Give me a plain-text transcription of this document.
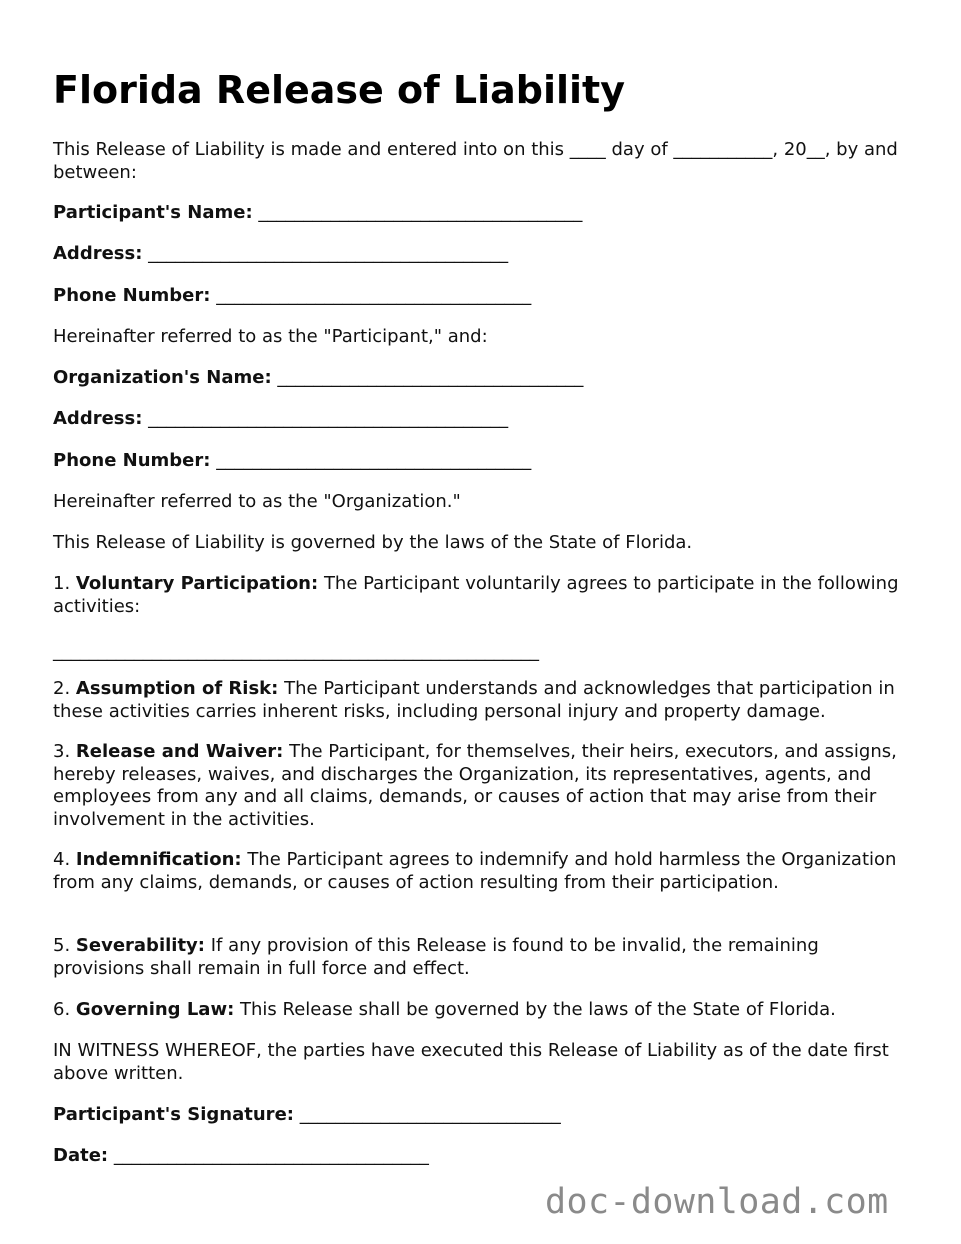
Florida Release of Liability

This Release of Liability is made and entered into on this ____ day of ___________, 20__, by and between:

Participant's Name: ____________________________________

Address: ________________________________________

Phone Number: ___________________________________

Hereinafter referred to as the "Participant," and:

Organization's Name: __________________________________

Address: ________________________________________

Phone Number: ___________________________________

Hereinafter referred to as the "Organization."

This Release of Liability is governed by the laws of the State of Florida.

1. Voluntary Participation: The Participant voluntarily agrees to participate in the following activities:

______________________________________________________

2. Assumption of Risk: The Participant understands and acknowledges that participation in these activities carries inherent risks, including personal injury and property damage.

3. Release and Waiver: The Participant, for themselves, their heirs, executors, and assigns, hereby releases, waives, and discharges the Organization, its representatives, agents, and employees from any and all claims, demands, or causes of action that may arise from their involvement in the activities.

4. Indemnification: The Participant agrees to indemnify and hold harmless the Organization from any claims, demands, or causes of action resulting from their participation.

5. Severability: If any provision of this Release is found to be invalid, the remaining provisions shall remain in full force and effect.

6. Governing Law: This Release shall be governed by the laws of the State of Florida.

IN WITNESS WHEREOF, the parties have executed this Release of Liability as of the date first above written.

Participant's Signature: _____________________________

Date: ___________________________________

doc-download.com
